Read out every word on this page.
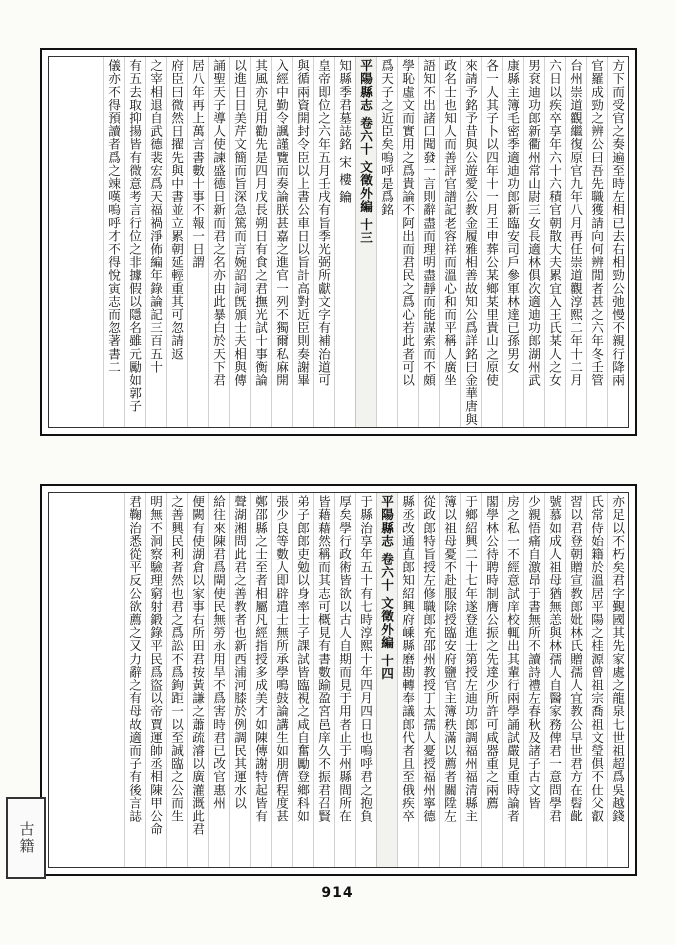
方下而受官之奏遍至時左相已去右相勁公弛慢不親行降兩
官羅成勁之辨公曰吾先職獲請向何辨閒者甚之六年冬壬管
台州崇道觀繼復原官九年八月再任崇道觀淳熙二年十二月
六日以疾卒享年六十六積官朝散大夫累宜入王氏某人之女
男袞迪功郎新衢州常山尉三女長適林俱次適迪功郎湖州武
康縣主簿毛密季適迪功郎新臨安司戶參軍林達已孫男女
各一人其子卜以四年十一月王申葬公某鄉某里貴山之原使
來請予銘予昔與公遊愛公教金履雅相善故知公爲詳銘曰金華唐與
政名士也知人而善評官譜記老容祥而溫心和而平稱人廣坐
語知不出諸口聞發一言則辭盡而理明盡靜而能謀索而不頗
學恥虛文而實用之爲貴論不阿出而君民之爲心若此者可以
爲天子之近臣矣嗚呼是爲銘
平陽縣志 卷六十 文徵外編 十三
知縣季君墓誌銘 宋 樓 鑰
皇帝即位之六年五月壬戌有旨季光弼所獻文字有補治道可
與循兩資開封令臣以上書公車日以旨計高對近臣則奏謝畢
入經中勤令諷謹覽而奏論朕甚嘉之進官一列不獨爾私麻開
其風亦見用勸先是四月戊長朔日有食之君撫光試十事衡論
以進日日美芹文簡而旨深急篤而言婉詔詞旣頒士夫相與傳
誦聖天子導人使諫盛德日新而君之名亦由此暴白於天下君
居八年再上萬言書數十事不報一日謂
府臣曰微然日擢先與中書並立累朝延輕重其可忽請返
之宰相退自武德裴宏爲天福禍淨佈編年錄論記三百五十
有五去取抑揚皆有微意考言行位之非據假以隱名雖元勵如郭子
儀亦不得預讀者爲之竦嘆嗚呼才不得悅寅志而忽著書二
亦足以不朽矣君字覲國其先家處之龍泉七世祖超爲吳越錢
氏常侍始籍於溫居平陽之桂源曾祖宗喬祖文瑩俱不仕父叡
習以君登朝贈宣教郎妣林氏贈孺人宜教公早世君方在髫齔
號慕如成人祖母猶無恙與林孺人自醫家務俾君一意問學君
少親悟痛自激昂于書無所不讀詩禮左春秋及諸子古文皆
房之私一不經意試庠校輒出其輩行兩學誦試嚴見重時論者
閣學林公待聘時制膺公振之先達少所許可咸器重之兩薦
于鄉紹興二十七年遂登進士第授左迪功郎調福州福清縣主
簿以祖母憂不赴服除授臨安府鹽官主簿秩滿以薦者關陞左
從政郎特旨授左修職郎充邵州教授丁太孺人憂授福州寧德
縣丞改通直郎知紹興府嵊縣磨勘轉奉議郎代者且至俄疾卒
平陽縣志 卷六十 文徵外編 十四
于縣治享年五十有七時淳熙十年四月四日也嗚呼君之抱負
厚矣學行政術皆欲以古人自期而見于用者止于州縣間所在
皆藉藉然稱而其志可概見有書數踰盈宮邑庠久不振君召賢
弟子郎郎吏勉以身率士子課試皆臨視之咸自奮勵登鄉科如
張少良等數人即辟遣士無所承學鳴鼓論講生如朋儕程度甚
鄭邵縣之士至者相屬凡經指授多成美才如陳傳謝特起皆有
聲湖湘問此君之善教者也新西浦河膝於例調民其運水以
給往來陳君爲閘使民無勞永用旱不爲害時君已改官惠州
便闕有使湖倉以家事右所田君按黃謙之蕭疏濬以廣灌溉此君
之善興民利者然也君之爲訟不爲鉤距一以至誠臨之公而生
明無不洞察驗理窮射鍛錄平民爲盜以帝賈運帥丞相陳甲公命
君鞠治悉從平反公欲薦之又力辭之有母故適而子有後言誌
古籍
914
